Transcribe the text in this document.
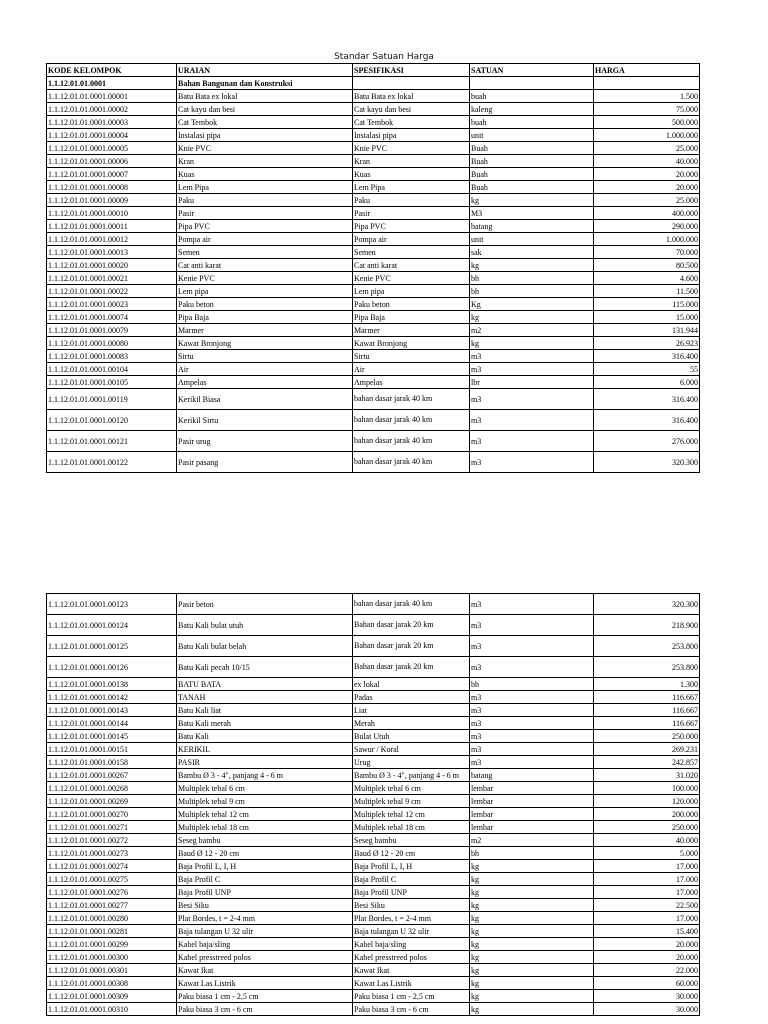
Standar Satuan Harga
KODE KELOMPOK	URAIAN	SPESIFIKASI	SATUAN	HARGA
1.1.12.01.01.0001	Bahan Bangunan dan Konstruksi			
1.1.12.01.01.0001.00001	Batu Bata ex lokal	Batu Bata ex lokal	buah	1.500
1.1.12.01.01.0001.00002	Cat kayu dan besi	Cat kayu dan besi	kaleng	75.000
1.1.12.01.01.0001.00003	Cat Tembok	Cat Tembok	buah	500.000
1.1.12.01.01.0001.00004	Instalasi pipa	Instalasi pipa	unit	1.000.000
1.1.12.01.01.0001.00005	Knie PVC	Knie PVC	Buah	25.000
1.1.12.01.01.0001.00006	Kran	Kran	Buah	40.000
1.1.12.01.01.0001.00007	Kuas	Kuas	Buah	20.000
1.1.12.01.01.0001.00008	Lem Pipa	Lem Pipa	Buah	20.000
1.1.12.01.01.0001.00009	Paku	Paku	kg	25.000
1.1.12.01.01.0001.00010	Pasir	Pasir	M3	400.000
1.1.12.01.01.0001.00011	Pipa PVC	Pipa PVC	batang	290.000
1.1.12.01.01.0001.00012	Pompa air	Pompa air	unit	1.000.000
1.1.12.01.01.0001.00013	Semen	Semen	sak	70.000
1.1.12.01.01.0001.00020	Cat anti karat	Cat anti karat	kg	80.500
1.1.12.01.01.0001.00021	Kenie PVC	Kenie PVC	bh	4.600
1.1.12.01.01.0001.00022	Lem pipa	Lem pipa	bh	11.500
1.1.12.01.01.0001.00023	Paku beton	Paku beton	Kg	115.000
1.1.12.01.01.0001.00074	Pipa Baja	Pipa Baja	kg	15.000
1.1.12.01.01.0001.00079	Marmer	Marmer	m2	131.944
1.1.12.01.01.0001.00080	Kawat Bronjong	Kawat Bronjong	kg	26.923
1.1.12.01.01.0001.00083	Sirtu	Sirtu	m3	316.400
1.1.12.01.01.0001.00104	Air	Air	m3	55
1.1.12.01.01.0001.00105	Ampelas	Ampelas	lbr	6.000
1.1.12.01.01.0001.00119	Kerikil Biasa	bahan dasar jarak 40 km	m3	316.400
1.1.12.01.01.0001.00120	Kerikil Sirtu	bahan dasar jarak 40 km	m3	316.400
1.1.12.01.01.0001.00121	Pasir urug	bahan dasar jarak 40 km	m3	276.000
1.1.12.01.01.0001.00122	Pasir pasang	bahan dasar jarak 40 km	m3	320.300
1.1.12.01.01.0001.00123	Pasir beton	bahan dasar jarak 40 km	m3	320.300
1.1.12.01.01.0001.00124	Batu Kali bulat utuh	Bahan dasar jarak 20 km	m3	218.900
1.1.12.01.01.0001.00125	Batu Kali bulat belah	Bahan dasar jarak 20 km	m3	253.800
1.1.12.01.01.0001.00126	Batu Kali pecah 10/15	Bahan dasar jarak 20 km	m3	253.800
1.1.12.01.01.0001.00138	BATU BATA	ex lokal	bh	1.300
1.1.12.01.01.0001.00142	TANAH	Padas	m3	116.667
1.1.12.01.01.0001.00143	Batu Kali liat	Liat	m3	116.667
1.1.12.01.01.0001.00144	Batu Kali merah	Merah	m3	116.667
1.1.12.01.01.0001.00145	Batu Kali	Bulat Utuh	m3	250.000
1.1.12.01.01.0001.00151	KERIKIL	Sawur / Koral	m3	269.231
1.1.12.01.01.0001.00158	PASIR	Urug	m3	242.857
1.1.12.01.01.0001.00267	Bambu Ø 3 - 4", panjang 4 - 6 m	Bambu Ø 3 - 4", panjang 4 - 6 m	batang	31.020
1.1.12.01.01.0001.00268	Multiplek tebal 6 cm	Multiplek tebal 6 cm	lembar	100.000
1.1.12.01.01.0001.00269	Multiplek tebal 9 cm	Multiplek tebal 9 cm	lembar	120.000
1.1.12.01.01.0001.00270	Multiplek tebal 12 cm	Multiplek tebal 12 cm	lembar	200.000
1.1.12.01.01.0001.00271	Multiplek tebal 18 cm	Multiplek tebal 18 cm	lembar	250.000
1.1.12.01.01.0001.00272	Seseg bambu	Seseg bambu	m2	40.000
1.1.12.01.01.0001.00273	Baud Ø 12 - 20 cm	Baud Ø 12 - 20 cm	bh	5.000
1.1.12.01.01.0001.00274	Baja Profil L, I, H	Baja Profil L, I, H	kg	17.000
1.1.12.01.01.0001.00275	Baja Profil C	Baja Profil C	kg	17.000
1.1.12.01.01.0001.00276	Baja Profil UNP	Baja Profil UNP	kg	17.000
1.1.12.01.01.0001.00277	Besi Siku	Besi Siku	kg	22.500
1.1.12.01.01.0001.00280	Plat Bordes, t = 2-4 mm	Plat Bordes, t = 2-4 mm	kg	17.000
1.1.12.01.01.0001.00281	Baja tulangan U 32 ulir	Baja tulangan U 32 ulir	kg	15.400
1.1.12.01.01.0001.00299	Kabel baja/sling	Kabel baja/sling	kg	20.000
1.1.12.01.01.0001.00300	Kabel presstreed polos	Kabel presstreed polos	kg	20.000
1.1.12.01.01.0001.00301	Kawat Ikat	Kawat Ikat	kg	22.000
1.1.12.01.01.0001.00308	Kawat Las Listrik	Kawat Las Listrik	kg	60.000
1.1.12.01.01.0001.00309	Paku biasa 1 cm - 2,5 cm	Paku biasa 1 cm - 2,5 cm	kg	30.000
1.1.12.01.01.0001.00310	Paku biasa 3 cm - 6 cm	Paku biasa 3 cm - 6 cm	kg	30.000
